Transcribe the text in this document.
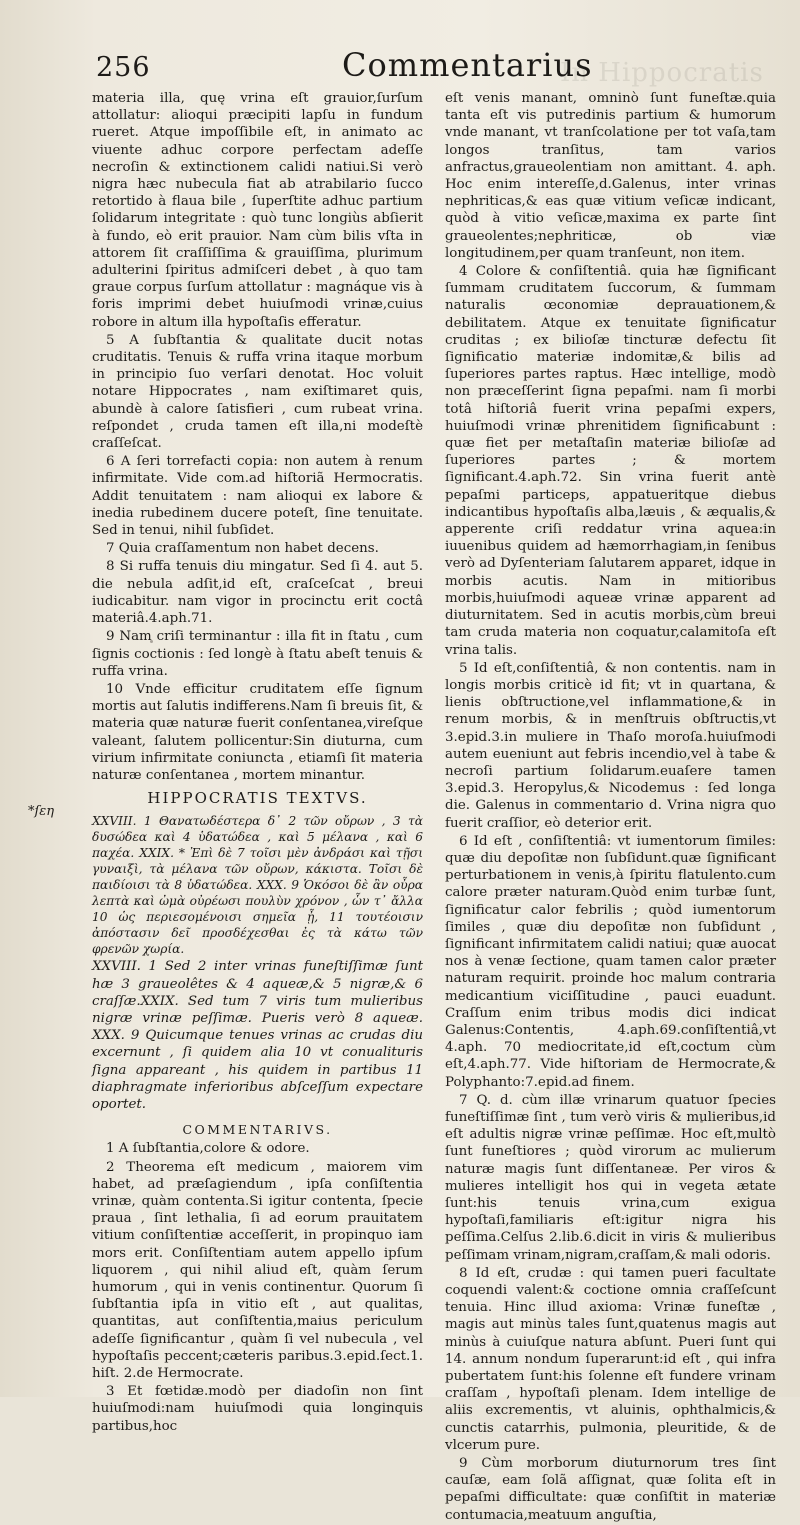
In Hippocratis
256	Commentarius
*ſεη

materia illa, quę vrina eſt grauior,ſurſum attollatur: alioqui præcipiti lapſu in fundum rueret. Atque impoſſibile eſt, in animato ac viuente adhuc corpore perfectam adeſſe necroſin & extinctionem calidi natiui.Si verò nigra hæc nubecula fiat ab atrabilario ſucco retortido à flaua bile , ſuperſtite adhuc partium ſolidarum integritate : quò tunc longiùs abſierit à fundo, eò erit prauior. Nam cùm bilis vſta in attorem ſit craſſiſſima & grauiſſima, plurimum adulterini ſpiritus admiſceri debet , à quo tam graue corpus ſurſum attollatur : magnáque vis à foris imprimi debet huiuſmodi vrinæ,cuius robore in altum illa hypoſtaſis efferatur.

5 A ſubſtantia & qualitate ducit notas cruditatis. Tenuis & ruffa vrina itaque morbum in principio ſuo verſari denotat. Hoc voluit notare Hippocrates , nam exiſtimaret quis, abundè à calore ſatisfieri , cum rubeat vrina. reſpondet , cruda tamen eſt illa,ni modeſtè craſſeſcat.

6 A ſeri torrefacti copia: non autem à renum infirmitate. Vide com.ad hiſtoriã Hermocratis. Addit tenuitatem : nam alioqui ex labore & inedia rubedinem ducere poteſt, ſine tenuitate. Sed in tenui, nihil ſubſidet.

7 Quia craſſamentum non habet decens.

8 Si ruffa tenuis diu mingatur. Sed ſi 4. aut 5. die nebula adſit,id eſt, craſceſcat , breui iudicabitur. nam vigor in procinctu erit coctâ materiâ.4.aph.71.

9 Nam criſi terminantur : illa fit in ſtatu , cum ſignis coctionis : ſed longè à ſtatu abeſt tenuis & ruffa vrina.

10 Vnde efficitur cruditatem eſſe ſignum mortis aut ſalutis indifferens.Nam ſi breuis ſit, & materia quæ naturæ fuerit conſentanea,vireſque valeant, ſalutem pollicentur:Sin diuturna, cum virium infirmitate coniuncta , etiamſi ſit materia naturæ conſentanea , mortem minantur.

HIPPOCRATIS TEXTVS.

XXVIII. 1 Θανατωδέστερα δ᾽ 2 τῶν οὔρων , 3 τὰ δυσώδεα καὶ 4 ὑδατώδεα , καὶ 5 μέλανα , καὶ 6 παχέα. XXIX. * Ἐπὶ δὲ 7 τοῖσι μὲν ἀνδράσι καὶ τῇσι γυναιξὶ, τὰ μέλανα τῶν οὔρων, κάκιστα. Τοῖσι δὲ παιδίοισι τὰ 8 ὑδατώδεα. XXX. 9 Ὁκόσοι δὲ ἂν οὖρα λεπτὰ καὶ ὠμὰ οὐρέωσι πουλὺν χρόνον , ὧν τ᾽ ἄλλα 10 ὡς περιεσομένοισι σημεῖα ᾖ, 11 τουτέοισιν ἀπόστασιν δεῖ προσδέχεσθαι ἐς τὰ κάτω τῶν φρενῶν χωρία.

XXVIII. 1 Sed 2 inter vrinas funeſtiſſimæ ſunt hæ 3 graueolêtes & 4 aqueæ,& 5 nigræ,& 6 craſſæ.XXIX. Sed tum 7 viris tum mulieribus nigræ vrinæ peſſimæ. Pueris verò 8 aqueæ. XXX. 9 Quicumque tenues vrinas ac crudas diu excernunt , ſi quidem alia 10 vt conualituris ſigna appareant , his quidem in partibus 11 diaphragmate inferioribus abſceſſum expectare oportet.

COMMENTARIVS.

1 A ſubſtantia,colore & odore.

2 Theorema eſt medicum , maiorem vim habet, ad præſagiendum , ipſa conſiſtentia vrinæ, quàm contenta.Si igitur contenta, ſpecie praua , ſint lethalia, ſi ad eorum prauitatem vitium conſiſtentiæ acceſſerit, in propinquo iam mors erit. Conſiſtentiam autem appello ipſum liquorem , qui nihil aliud eſt, quàm ſerum humorum , qui in venis continentur. Quorum ſi ſubſtantia ipſa in vitio eſt , aut qualitas, quantitas, aut conſiſtentia,maius periculum adeſſe ſignificantur , quàm ſi vel nubecula , vel hypoſtaſis peccent;cæteris paribus.3.epid.ſect.1. hiſt. 2.de Hermocrate.

3 Et fœtidæ.modò per diadoſin non ſint huiuſmodi:nam huiuſmodi quia longinquis partibus,hoc

eſt venis manant, omninò ſunt funeſtæ.quia tanta eſt vis putredinis partium & humorum vnde manant, vt tranſcolatione per tot vaſa,tam longos tranſitus, tam varios anfractus,graueolentiam non amittant. 4. aph. Hoc enim intereſſe,d.Galenus, inter vrinas nephriticas,& eas quæ vitium veſicæ indicant, quòd à vitio veſicæ,maxima ex parte ſint graueolentes;nephriticæ, ob viæ longitudinem,per quam tranſeunt, non item.

4 Colore & conſiſtentiâ. quia hæ ſignificant ſummam cruditatem ſuccorum, & ſummam naturalis œconomiæ deprauationem,& debilitatem. Atque ex tenuitate ſignificatur cruditas ; ex bilioſæ tincturæ defectu ſit ſignificatio materiæ indomitæ,& bilis ad ſuperiores partes raptus. Hæc intellige, modò non præceſſerint ſigna pepaſmi. nam ſi morbi totâ hiſtoriâ fuerit vrina pepaſmi expers, huiuſmodi vrinæ phrenitidem ſignificabunt : quæ fiet per metaſtaſin materiæ bilioſæ ad ſuperiores partes ; & mortem ſignificant.4.aph.72. Sin vrina fuerit antè pepaſmi particeps, appatueritque diebus indicantibus hypoſtaſis alba,læuis , & æqualis,& apperente criſi reddatur vrina aquea:in iuuenibus quidem ad hæmorrhagiam,in ſenibus verò ad Dyſenteriam ſalutarem apparet, idque in morbis acutis. Nam in mitioribus morbis,huiuſmodi aqueæ vrinæ apparent ad diuturnitatem. Sed in acutis morbis,cùm breui tam cruda materia non coquatur,calamitoſa eſt vrina talis.

5 Id eſt,conſiſtentiâ, & non contentis. nam in longis morbis criticè id fit; vt in quartana, & lienis obſtructione,vel inflammatione,& in renum morbis, & in menſtruis obſtructis,vt 3.epid.3.in muliere in Thaſo moroſa.huiuſmodi autem eueniunt aut febris incendio,vel à tabe & necroſi partium ſolidarum.euaſere tamen 3.epid.3. Heropylus,& Nicodemus : ſed longa die. Galenus in commentario d. Vrina nigra quo fuerit craſſior, eò deterior erit.

6 Id eſt , conſiſtentiâ: vt iumentorum ſimiles: quæ diu depoſitæ non ſubſidunt.quæ ſignificant perturbationem in venis,à ſpiritu flatulento.cum calore præter naturam.Quòd enim turbæ ſunt, ſignificatur calor febrilis ; quòd iumentorum ſimiles , quæ diu depoſitæ non ſubſidunt , ſignificant infirmitatem calidi natiui; quæ auocat nos à venæ ſectione, quam tamen calor præter naturam requirit. proinde hoc malum contraria medicantium viciſſitudine , pauci euadunt. Craſſum enim tribus modis dici indicat Galenus:Contentis, 4.aph.69.conſiſtentiâ,vt 4.aph. 70 mediocritate,id eſt,coctum cùm eſt,4.aph.77. Vide hiſtoriam de Hermocrate,& Polyphanto:7.epid.ad finem.

7 Q. d. cùm illæ vrinarum quatuor ſpecies funeſtiſſimæ ſint , tum verò viris & mulieribus,id eſt adultis nigræ vrinæ peſſimæ. Hoc eſt,multò ſunt funeſtiores ; quòd virorum ac mulierum naturæ magis ſunt diſſentaneæ. Per viros & mulieres intelligit hos qui in vegeta ætate ſunt:his tenuis vrina,cum exigua hypoſtaſi,familiaris eſt:igitur nigra his peſſima.Celſus 2.lib.6.dicit in viris & mulieribus peſſimam vrinam,nigram,craſſam,& mali odoris.

8 Id eſt, crudæ : qui tamen pueri facultate coquendi valent:& coctione omnia craſſeſcunt tenuia. Hinc illud axioma: Vrinæ funeſtæ , magis aut minùs tales ſunt,quatenus magis aut minùs à cuiuſque natura abſunt. Pueri ſunt qui 14. annum nondum ſuperarunt:id eſt , qui infra pubertatem ſunt:his ſolenne eſt fundere vrinam craſſam , hypoſtaſi plenam. Idem intellige de aliis excrementis, vt aluinis, ophthalmicis,& cunctis catarrhis, pulmonia, pleuritide, & de vlcerum pure.

9 Cùm morborum diuturnorum tres ſint cauſæ, eam ſolã aſſignat, quæ ſolita eſt in pepaſmi difficultate: quæ conſiſtit in materiæ contumacia,meatuum anguſtia,
